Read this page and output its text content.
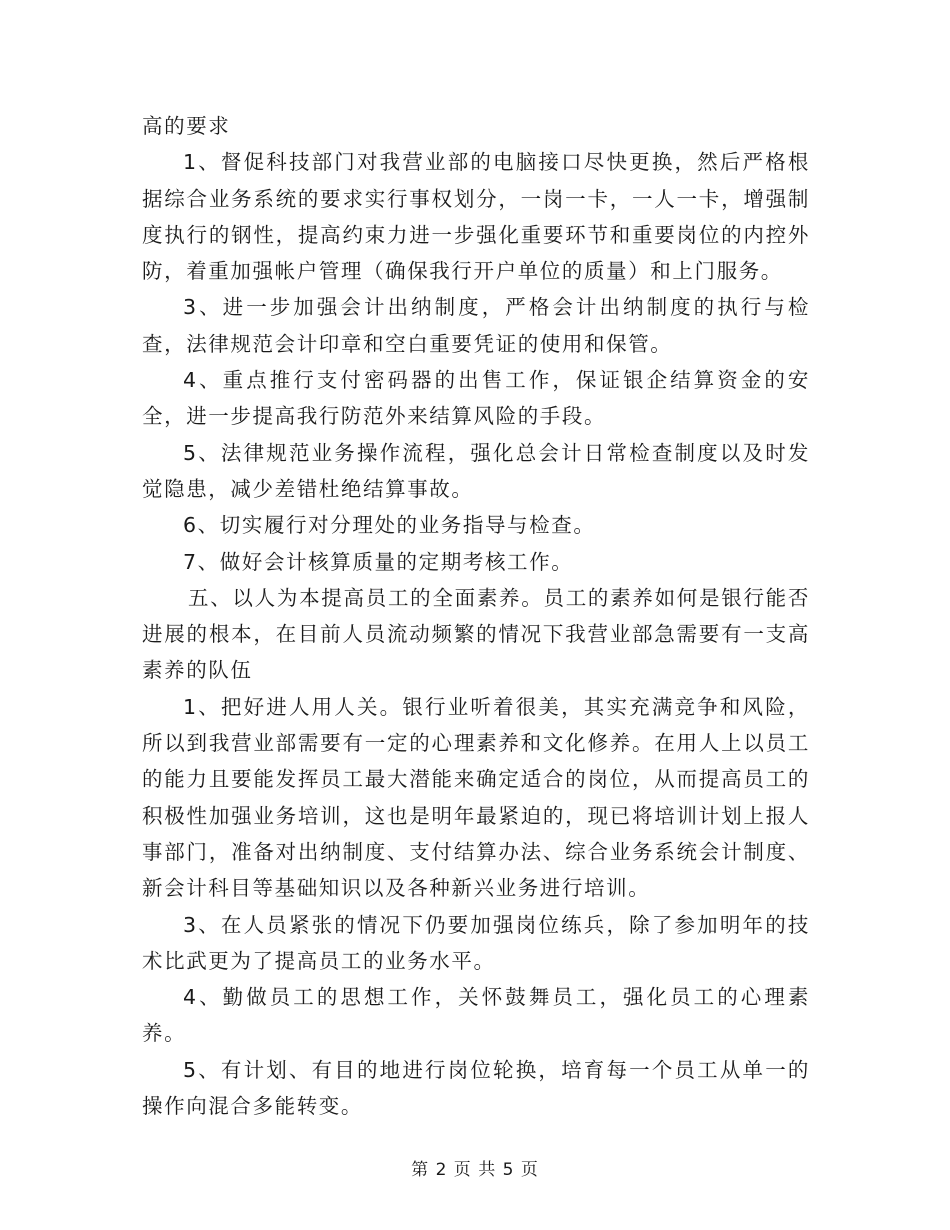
高的要求

1、督促科技部门对我营业部的电脑接口尽快更换，然后严格根据综合业务系统的要求实行事权划分，一岗一卡，一人一卡，增强制度执行的钢性，提高约束力进一步强化重要环节和重要岗位的内控外防，着重加强帐户管理（确保我行开户单位的质量）和上门服务。

3、进一步加强会计出纳制度，严格会计出纳制度的执行与检查，法律规范会计印章和空白重要凭证的使用和保管。

4、重点推行支付密码器的出售工作，保证银企结算资金的安全，进一步提高我行防范外来结算风险的手段。

5、法律规范业务操作流程，强化总会计日常检查制度以及时发觉隐患，减少差错杜绝结算事故。

6、切实履行对分理处的业务指导与检查。

7、做好会计核算质量的定期考核工作。

五、以人为本提高员工的全面素养。员工的素养如何是银行能否进展的根本，在目前人员流动频繁的情况下我营业部急需要有一支高素养的队伍

1、把好进人用人关。银行业听着很美，其实充满竞争和风险，所以到我营业部需要有一定的心理素养和文化修养。在用人上以员工的能力且要能发挥员工最大潜能来确定适合的岗位，从而提高员工的积极性加强业务培训，这也是明年最紧迫的，现已将培训计划上报人事部门，准备对出纳制度、支付结算办法、综合业务系统会计制度、新会计科目等基础知识以及各种新兴业务进行培训。

3、在人员紧张的情况下仍要加强岗位练兵，除了参加明年的技术比武更为了提高员工的业务水平。

4、勤做员工的思想工作，关怀鼓舞员工，强化员工的心理素养。

5、有计划、有目的地进行岗位轮换，培育每一个员工从单一的操作向混合多能转变。

第 2 页 共 5 页
